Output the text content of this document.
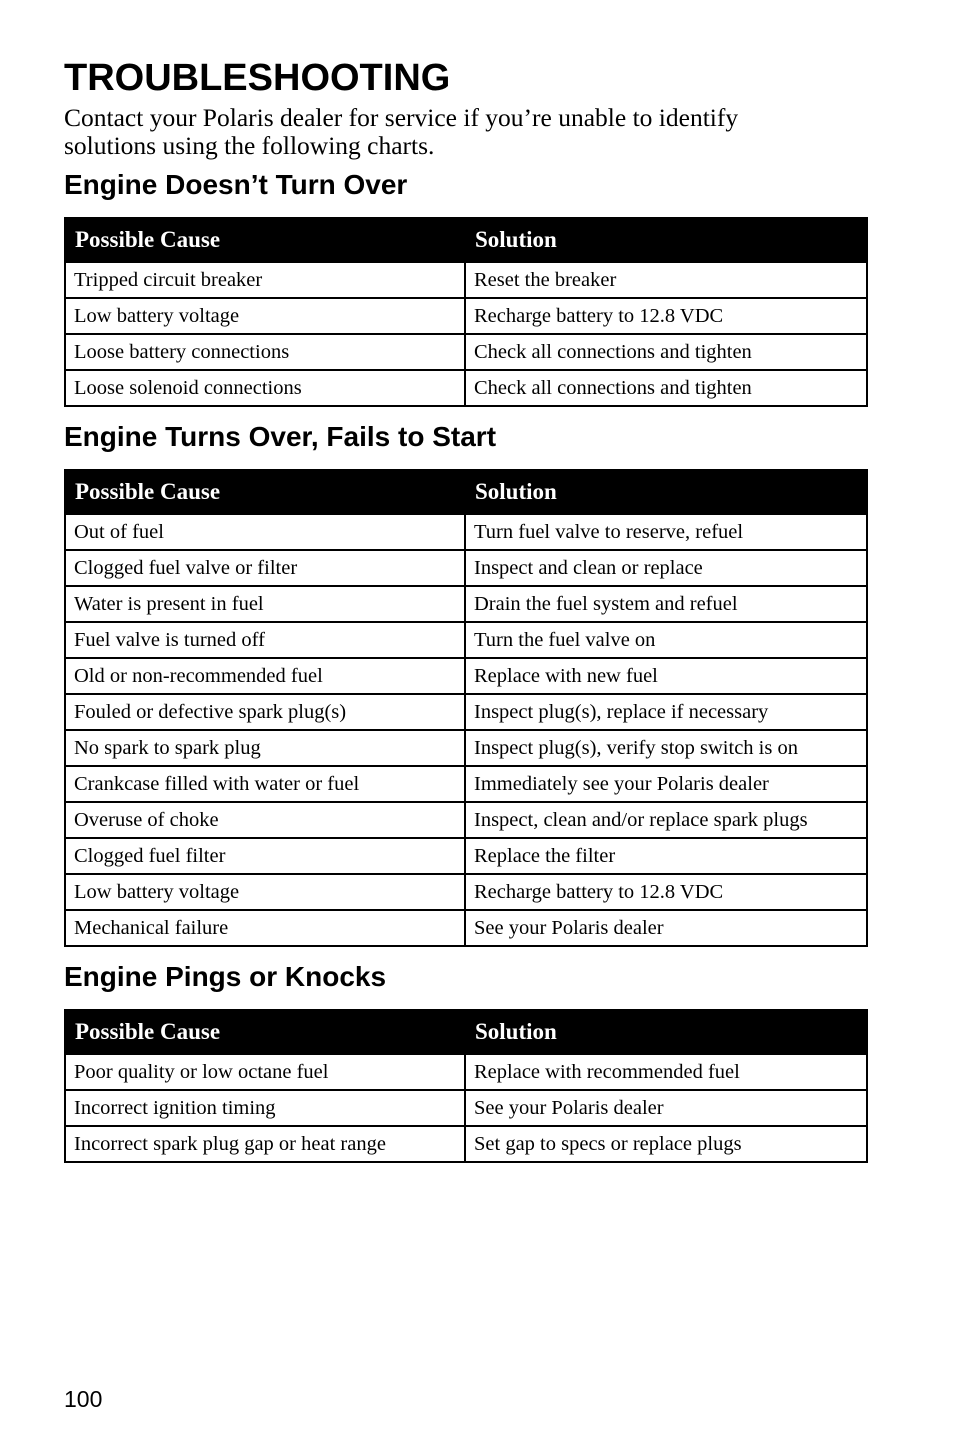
TROUBLESHOOTING

Contact your Polaris dealer for service if you’re unable to identify solutions using the following charts.

Engine Doesn’t Turn Over
Possible Cause	Solution
Tripped circuit breaker	Reset the breaker
Low battery voltage	Recharge battery to 12.8 VDC
Loose battery connections	Check all connections and tighten
Loose solenoid connections	Check all connections and tighten
Engine Turns Over, Fails to Start
Possible Cause	Solution
Out of fuel	Turn fuel valve to reserve, refuel
Clogged fuel valve or filter	Inspect and clean or replace
Water is present in fuel	Drain the fuel system and refuel
Fuel valve is turned off	Turn the fuel valve on
Old or non-recommended fuel	Replace with new fuel
Fouled or defective spark plug(s)	Inspect plug(s), replace if necessary
No spark to spark plug	Inspect plug(s), verify stop switch is on
Crankcase filled with water or fuel	Immediately see your Polaris dealer
Overuse of choke	Inspect, clean and/or replace spark plugs
Clogged fuel filter	Replace the filter
Low battery voltage	Recharge battery to 12.8 VDC
Mechanical failure	See your Polaris dealer
Engine Pings or Knocks
Possible Cause	Solution
Poor quality or low octane fuel	Replace with recommended fuel
Incorrect ignition timing	See your Polaris dealer
Incorrect spark plug gap or heat range	Set gap to specs or replace plugs
100
